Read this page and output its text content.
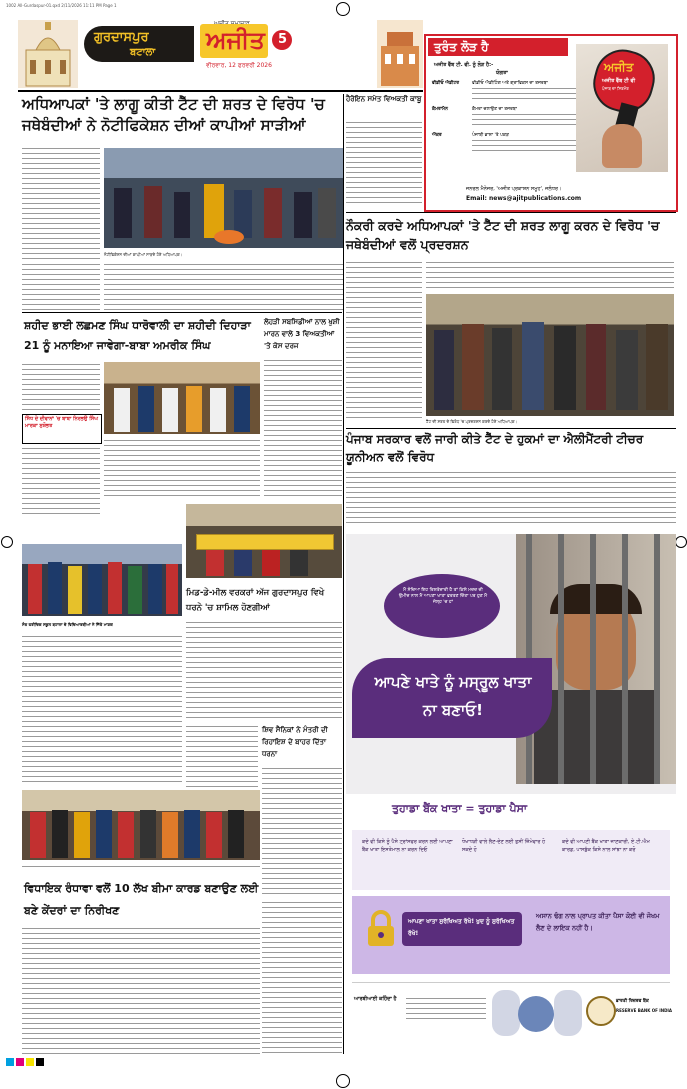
1002 All-Gurdaspur-01.qxd 2/11/2026 11:11 PM Page 1
ਗੁਰਦਾਸਪੁਰ
ਬਟਾਲਾ ਅਜੀਤ 5
ਵੀਰਵਾਰ, 12 ਫਰਵਰੀ 2026
ਤੁਰੰਤ ਲੋੜ ਹੈ
ਅਜੀਤ ਵੈੱਬ ਟੀ. ਵੀ. ਨੂੰ ਲੋੜ ਹੈ:-
ਯੋਗਤਾ
ਵੀਡੀਓ ਐਡੀਟਰ	ਵੀਡੀਓ ਐਡੀਟਿੰਗ ਅਤੇ ਗ੍ਰਾਫਿਕਸ ਦਾ ਤਜਰਬਾ
ਕੈਮਰਾਮੈਨ	ਕੈਮਰਾ ਚਲਾਉਣ ਦਾ ਤਜਰਬਾ
ਐਂਕਰ	ਪੰਜਾਬੀ ਭਾਸ਼ਾ 'ਤੇ ਪਕੜ
ਜਨਰਲ ਮੈਨੇਜਰ, 'ਅਜੀਤ ਪ੍ਰਕਾਸ਼ਨ ਸਮੂਹ', ਜਲੰਧਰ।
Email: news@ajitpublications.com
ਅਜੀਤ
ਅਜੀਤ ਵੈੱਬ ਟੀ ਵੀ
ਪੰਜਾਬ ਦਾ ਸਿਰਮੌਰ
ਅਧਿਆਪਕਾਂ 'ਤੇ ਲਾਗੂ ਕੀਤੀ ਟੈੱਟ ਦੀ ਸ਼ਰਤ ਦੇ ਵਿਰੋਧ 'ਚ ਜਥੇਬੰਦੀਆਂ ਨੇ ਨੋਟੀਫਿਕੇਸ਼ਨ ਦੀਆਂ ਕਾਪੀਆਂ ਸਾੜੀਆਂ
ਨੋਟੀਫਿਕੇਸ਼ਨ ਦੀਆਂ ਕਾਪੀਆਂ ਸਾੜਦੇ ਹੋਏ ਅਧਿਆਪਕ।
ਹੈਰੋਇਨ ਸਮੇਤ ਵਿਅਕਤੀ ਕਾਬੂ
ਨੌਕਰੀ ਕਰਦੇ ਅਧਿਆਪਕਾਂ 'ਤੇ ਟੈੱਟ ਦੀ ਸ਼ਰਤ ਲਾਗੂ ਕਰਨ ਦੇ ਵਿਰੋਧ 'ਚ ਜਥੇਬੰਦੀਆਂ ਵਲੋਂ ਪ੍ਰਦਰਸ਼ਨ
ਟੈੱਟ ਦੀ ਸ਼ਰਤ ਦੇ ਵਿਰੋਧ 'ਚ ਪ੍ਰਦਰਸ਼ਨ ਕਰਦੇ ਹੋਏ ਅਧਿਆਪਕ।
ਪੰਜਾਬ ਸਰਕਾਰ ਵਲੋਂ ਜਾਰੀ ਕੀਤੇ ਟੈੱਟ ਦੇ ਹੁਕਮਾਂ ਦਾ ਐਲੀਮੈਂਟਰੀ ਟੀਚਰ ਯੂਨੀਅਨ ਵਲੋਂ ਵਿਰੋਧ
ਸ਼ਹੀਦ ਭਾਈ ਲਛਮਣ ਸਿੰਘ ਧਾਰੋਵਾਲੀ ਦਾ ਸ਼ਹੀਦੀ ਦਿਹਾੜਾ 21 ਨੂੰ ਮਨਾਇਆ ਜਾਵੇਗਾ-ਬਾਬਾ ਅਮਰੀਕ ਸਿੰਘ
ਲੋਹੜੀ ਸਬਸਿਡੀਆਂ ਨਾਲ ਖੁਸ਼ੀ ਮਾਰਨ ਵਾਲੇ 3 ਵਿਅਕਤੀਆਂ 'ਤੇ ਕੇਸ ਦਰਜ
ਸਿੱਧ ਦੇ ਦੀਵਾਨਾਂ 'ਚ ਬਾਬਾ ਨਿਰਭਉ ਸਿੰਘ ਮਾਰਕਾ ਸੁਸ਼ੋਭਤ
ਸੰਤ ਫਰੀਦਿਕ ਸਕੂਲ ਬਟਾਲਾ ਦੇ ਵਿਦਿਆਰਥੀਆਂ ਨੇ ਜਿੱਤੇ ਮਾਣਕ
ਮਿਡ-ਡੇ-ਮੀਲ ਵਰਕਰਾਂ ਅੱਜ ਗੁਰਦਾਸਪੁਰ ਵਿਖੇ ਧਰਨੇ 'ਚ ਸ਼ਾਮਿਲ ਹੋਣਗੀਆਂ
ਸ਼ਿਵ ਸੈਨਿਕਾਂ ਨੇ ਮੰਤਰੀ ਦੀ ਰਿਹਾਇਸ਼ ਦੇ ਬਾਹਰ ਦਿੱਤਾ ਧਰਨਾ
ਵਿਧਾਇਕ ਰੰਧਾਵਾ ਵਲੋਂ 10 ਲੱਖ ਬੀਮਾ ਕਾਰਡ ਬਣਾਉਣ ਲਈ ਬਣੇ ਕੇਂਦਰਾਂ ਦਾ ਨਿਰੀਖਣ
ਮੈਂ ਸੋਚਿਆ ਇਹ ਰਿਸ਼ਤੇਦਾਰੀ ਹੈ ਤਾਂ ਕਿਸੇ ਮਦਦ ਦੀ ਉਮੀਦ ਨਾਲ ਮੈਂ ਆਪਣਾ ਖਾਤਾ ਵਰਤਣ ਦਿੱਤਾ ਪਰ ਹੁਣ ਮੈਂ ਜੇਲ੍ਹ 'ਚ ਹਾਂ
ਆਪਣੇ ਖਾਤੇ ਨੂੰ ਮਸ੍ਰੂਲ ਖਾਤਾ ਨਾ ਬਣਾਓ!
ਤੁਹਾਡਾ ਬੈਂਕ ਖਾਤਾ = ਤੁਹਾਡਾ ਪੈਸਾ
ਕਦੇ ਵੀ ਕਿਸੇ ਨੂੰ ਪੈਸੇ ਟ੍ਰਾਂਸਫਰ ਕਰਨ ਲਈ ਆਪਣਾ ਬੈਂਕ ਖਾਤਾ ਇਸਤੇਮਾਲ ਨਾ ਕਰਨ ਦਿਓ
ਧੋਖਾਧੜੀ ਵਾਲੇ ਲੈਣ-ਦੇਣ ਲਈ ਤੁਸੀਂ ਜ਼ਿੰਮੇਵਾਰ ਹੋ ਸਕਦੇ ਹੋ
ਕਦੇ ਵੀ ਆਪਣੀ ਬੈਂਕ ਖਾਤਾ ਜਾਣਕਾਰੀ, ਏ.ਟੀ.ਐਮ ਕਾਰਡ, ਪਾਸਬੁੱਕ ਕਿਸੇ ਨਾਲ ਸਾਂਝਾ ਨਾ ਕਰੋ
ਆਪਣਾ ਖਾਤਾ ਸੁਰੱਖਿਅਤ ਰੱਖੋ! ਖੁਦ ਨੂੰ ਸੁਰੱਖਿਅਤ ਰੱਖੋ!
ਅਸਾਨ ਢੰਗ ਨਾਲ ਪ੍ਰਾਪਤ ਕੀਤਾ ਪੈਸਾ ਕੋਈ ਵੀ ਜੋਖਮ ਲੈਣ ਦੇ ਲਾਇਕ ਨਹੀਂ ਹੈ।
ਆਰਬੀਆਈ ਕਹਿੰਦਾ ਹੈ	ਭਾਰਤੀ ਰਿਜ਼ਰਵ ਬੈਂਕ
RESERVE BANK OF INDIA
